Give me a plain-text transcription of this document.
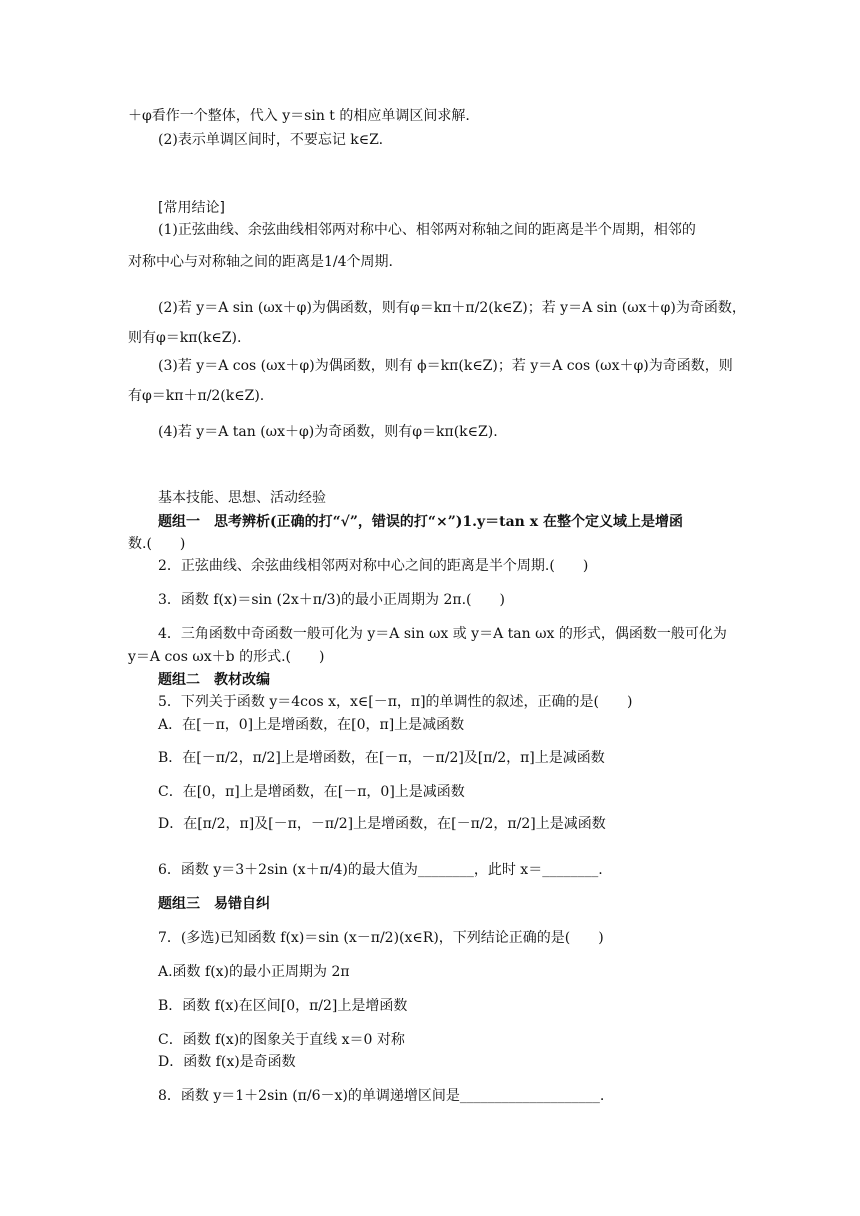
＋φ看作一个整体，代入 y＝sin t 的相应单调区间求解.
(2)表示单调区间时，不要忘记 k∈Z.
[常用结论]
(1)正弦曲线、余弦曲线相邻两对称中心、相邻两对称轴之间的距离是半个周期，相邻的
对称中心与对称轴之间的距离是1/4个周期.
(2)若 y＝A sin (ωx＋φ)为偶函数，则有φ＝kπ＋π/2(k∈Z)；若 y＝A sin (ωx＋φ)为奇函数，
则有φ＝kπ(k∈Z).
(3)若 y＝A cos (ωx＋φ)为偶函数，则有 ϕ＝kπ(k∈Z)；若 y＝A cos (ωx＋φ)为奇函数，则
有φ＝kπ＋π/2(k∈Z).
(4)若 y＝A tan (ωx＋φ)为奇函数，则有φ＝kπ(k∈Z).
基本技能、思想、活动经验
题组一　思考辨析(正确的打“√”，错误的打“×”)1.y＝tan x 在整个定义域上是增函
数.(　　)
2．正弦曲线、余弦曲线相邻两对称中心之间的距离是半个周期.(　　)
3．函数 f(x)＝sin (2x＋π/3)的最小正周期为 2π.(　　)
4．三角函数中奇函数一般可化为 y＝A sin ωx 或 y＝A tan ωx 的形式，偶函数一般可化为
y＝A cos ωx＋b 的形式.(　　)
题组二　教材改编
5．下列关于函数 y＝4cos x，x∈[－π，π]的单调性的叙述，正确的是(　　)
A．在[－π，0]上是增函数，在[0，π]上是减函数
B．在[－π/2，π/2]上是增函数，在[－π，－π/2]及[π/2，π]上是减函数
C．在[0，π]上是增函数，在[－π，0]上是减函数
D．在[π/2，π]及[－π，－π/2]上是增函数，在[－π/2，π/2]上是减函数
6．函数 y＝3＋2sin (x＋π/4)的最大值为________，此时 x＝________.
题组三　易错自纠
7．(多选)已知函数 f(x)＝sin (x－π/2)(x∈R)，下列结论正确的是(　　)
A.函数 f(x)的最小正周期为 2π
B．函数 f(x)在区间[0，π/2]上是增函数
C．函数 f(x)的图象关于直线 x＝0 对称
D．函数 f(x)是奇函数
8．函数 y＝1＋2sin (π/6－x)的单调递增区间是____________________.
